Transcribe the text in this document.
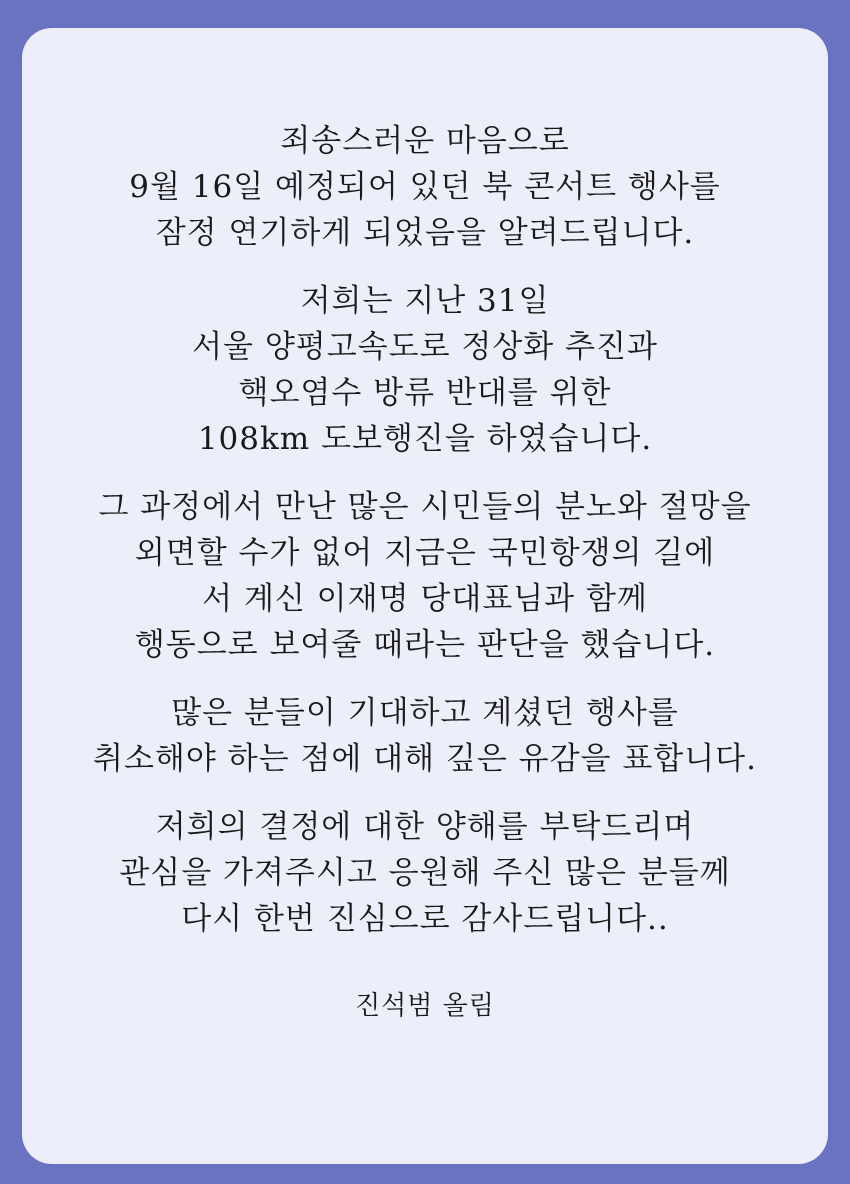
죄송스러운 마음으로
9월 16일 예정되어 있던 북 콘서트 행사를
잠정 연기하게 되었음을 알려드립니다.
저희는 지난 31일
서울 양평고속도로 정상화 추진과
핵오염수 방류 반대를 위한
108km 도보행진을 하였습니다.
그 과정에서 만난 많은 시민들의 분노와 절망을
외면할 수가 없어 지금은 국민항쟁의 길에
서 계신 이재명 당대표님과 함께
행동으로 보여줄 때라는 판단을 했습니다.
많은 분들이 기대하고 계셨던 행사를
취소해야 하는 점에 대해 깊은 유감을 표합니다.
저희의 결정에 대한 양해를 부탁드리며
관심을 가져주시고 응원해 주신 많은 분들께
다시 한번 진심으로 감사드립니다..
진석범 올림
